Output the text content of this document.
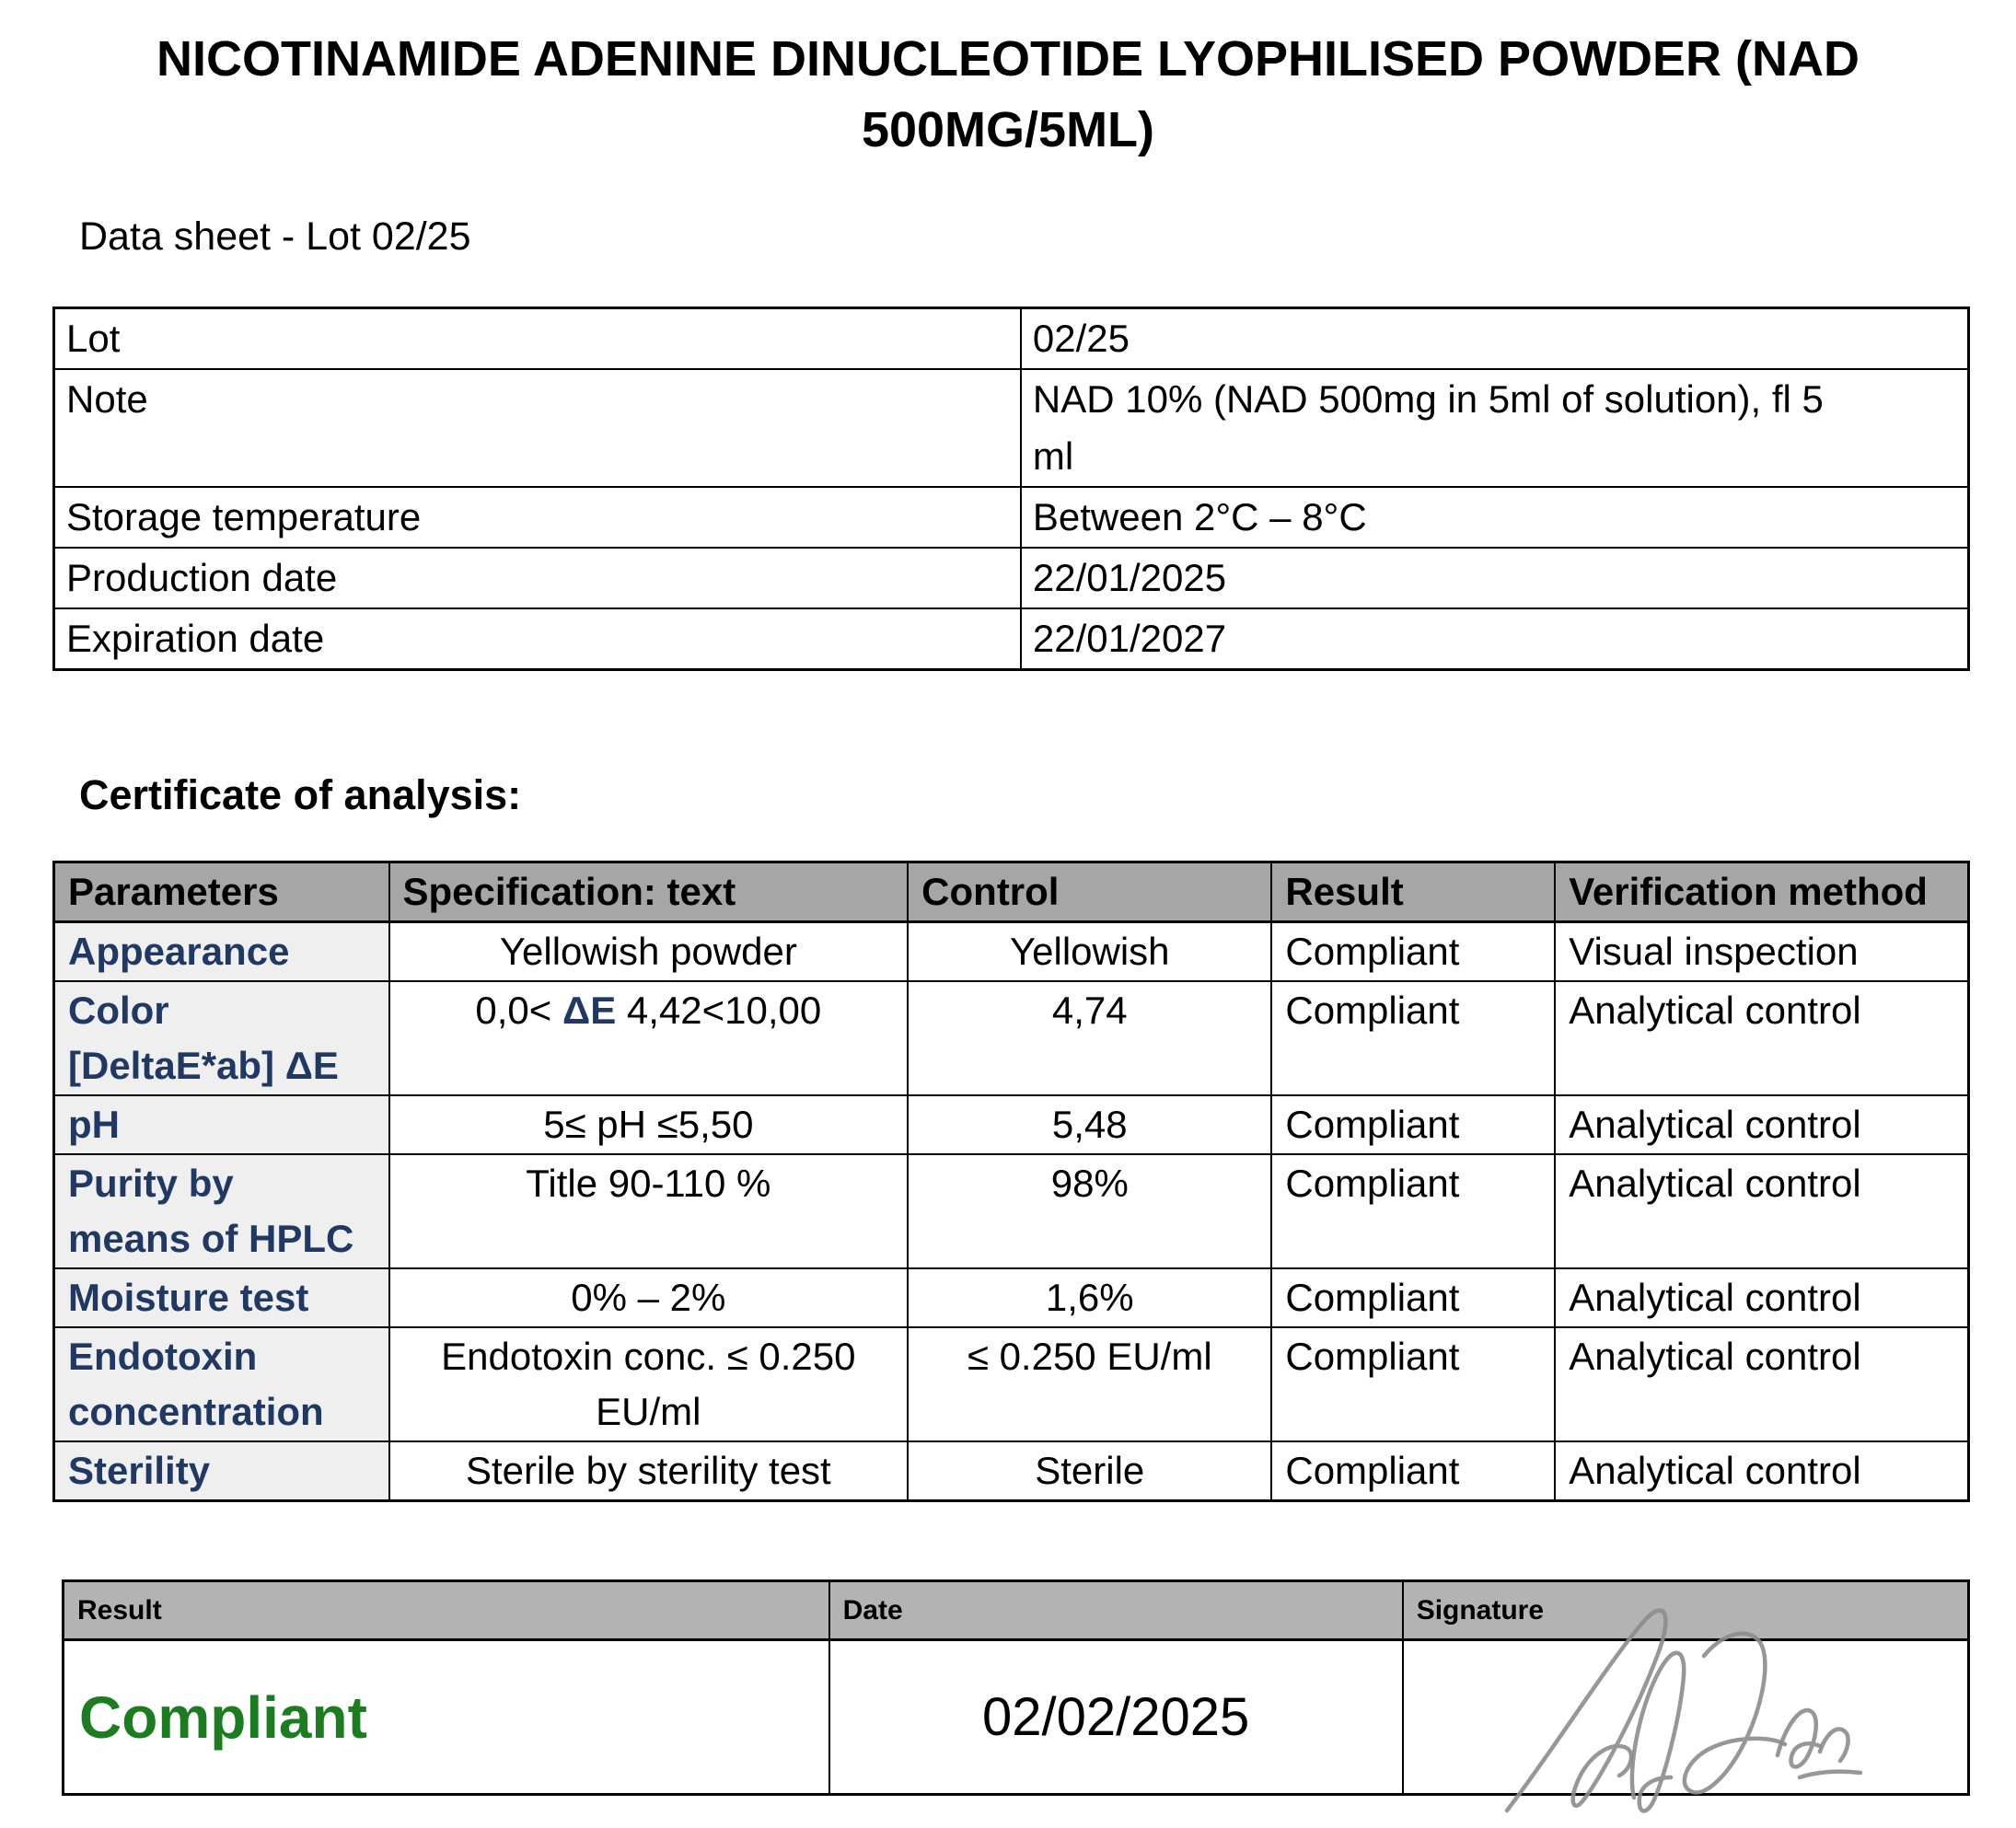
NICOTINAMIDE ADENINE DINUCLEOTIDE LYOPHILISED POWDER (NAD 500MG/5ML)
Data sheet - Lot 02/25
Lot	02/25
Note	NAD 10% (NAD 500mg in 5ml of solution), fl 5 ml
Storage temperature	Between 2°C – 8°C
Production date	22/01/2025
Expiration date	22/01/2027
Certificate of analysis:
Parameters	Specification: text	Control	Result	Verification method
Appearance	Yellowish powder	Yellowish	Compliant	Visual inspection
Color [DeltaE*ab] ΔE	0,0< ΔE 4,42<10,00	4,74	Compliant	Analytical control
pH	5≤ pH ≤5,50	5,48	Compliant	Analytical control
Purity by means of HPLC	Title 90-110 %	98%	Compliant	Analytical control
Moisture test	0% – 2%	1,6%	Compliant	Analytical control
Endotoxin concentration	Endotoxin conc. ≤ 0.250 EU/ml	≤ 0.250 EU/ml	Compliant	Analytical control
Sterility	Sterile by sterility test	Sterile	Compliant	Analytical control
Result	Date	Signature
Compliant	02/02/2025	
